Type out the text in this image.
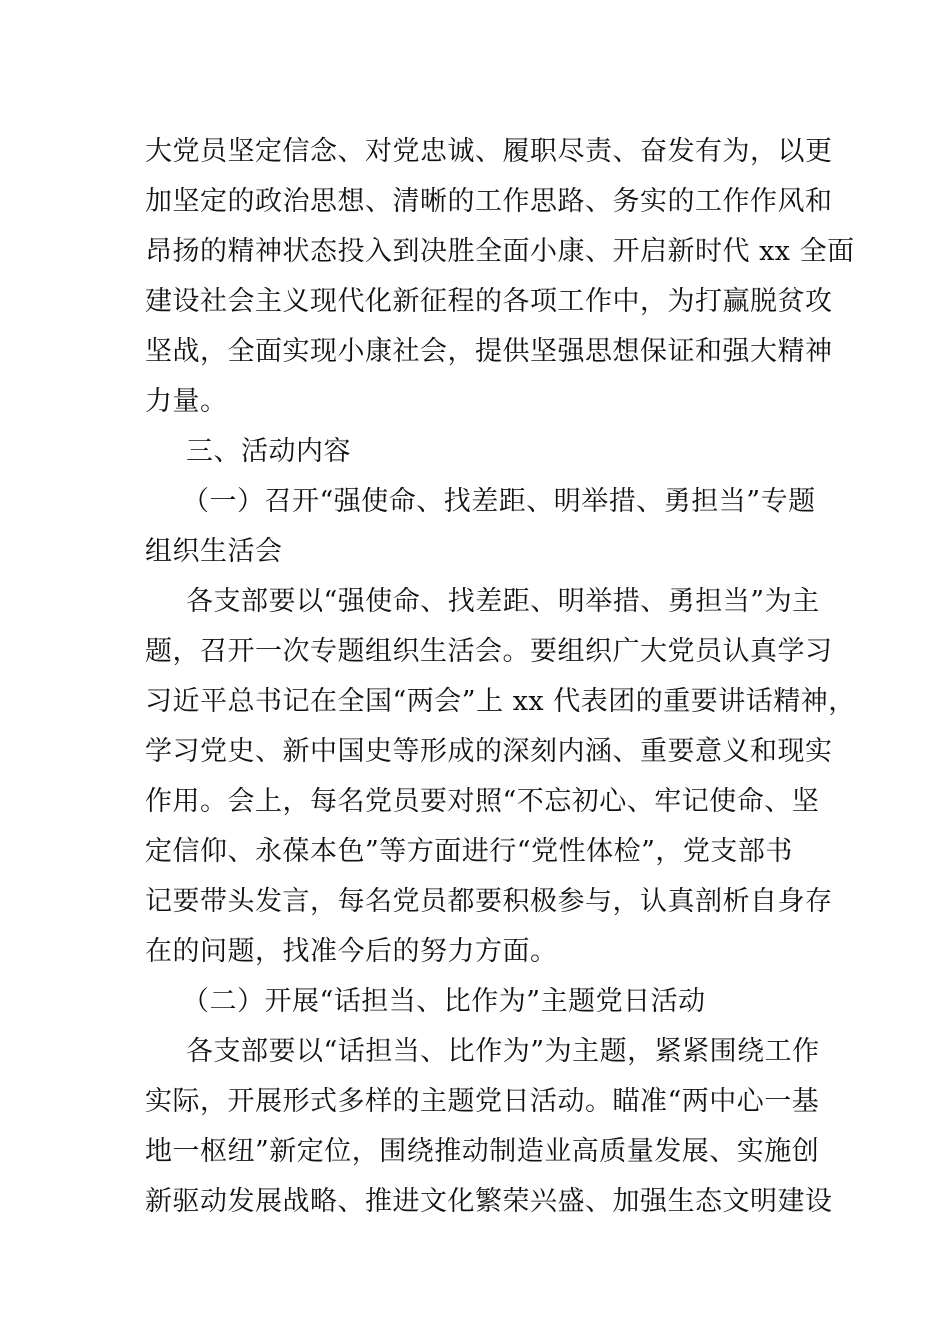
大党员坚定信念、对党忠诚、履职尽责、奋发有为，以更
加坚定的政治思想、清晰的工作思路、务实的工作作风和
昂扬的精神状态投入到决胜全面小康、开启新时代 xx 全面
建设社会主义现代化新征程的各项工作中，为打赢脱贫攻
坚战，全面实现小康社会，提供坚强思想保证和强大精神
力量。
三、活动内容
（一）召开“强使命、找差距、明举措、勇担当”专题
组织生活会
各支部要以“强使命、找差距、明举措、勇担当”为主
题，召开一次专题组织生活会。要组织广大党员认真学习
习近平总书记在全国“两会”上 xx 代表团的重要讲话精神，
学习党史、新中国史等形成的深刻内涵、重要意义和现实
作用。会上，每名党员要对照“不忘初心、牢记使命、坚
定信仰、永葆本色”等方面进行“党性体检”，党支部书
记要带头发言，每名党员都要积极参与，认真剖析自身存
在的问题，找准今后的努力方面。
（二）开展“话担当、比作为”主题党日活动
各支部要以“话担当、比作为”为主题，紧紧围绕工作
实际，开展形式多样的主题党日活动。瞄准“两中心一基
地一枢纽”新定位，围绕推动制造业高质量发展、实施创
新驱动发展战略、推进文化繁荣兴盛、加强生态文明建设
